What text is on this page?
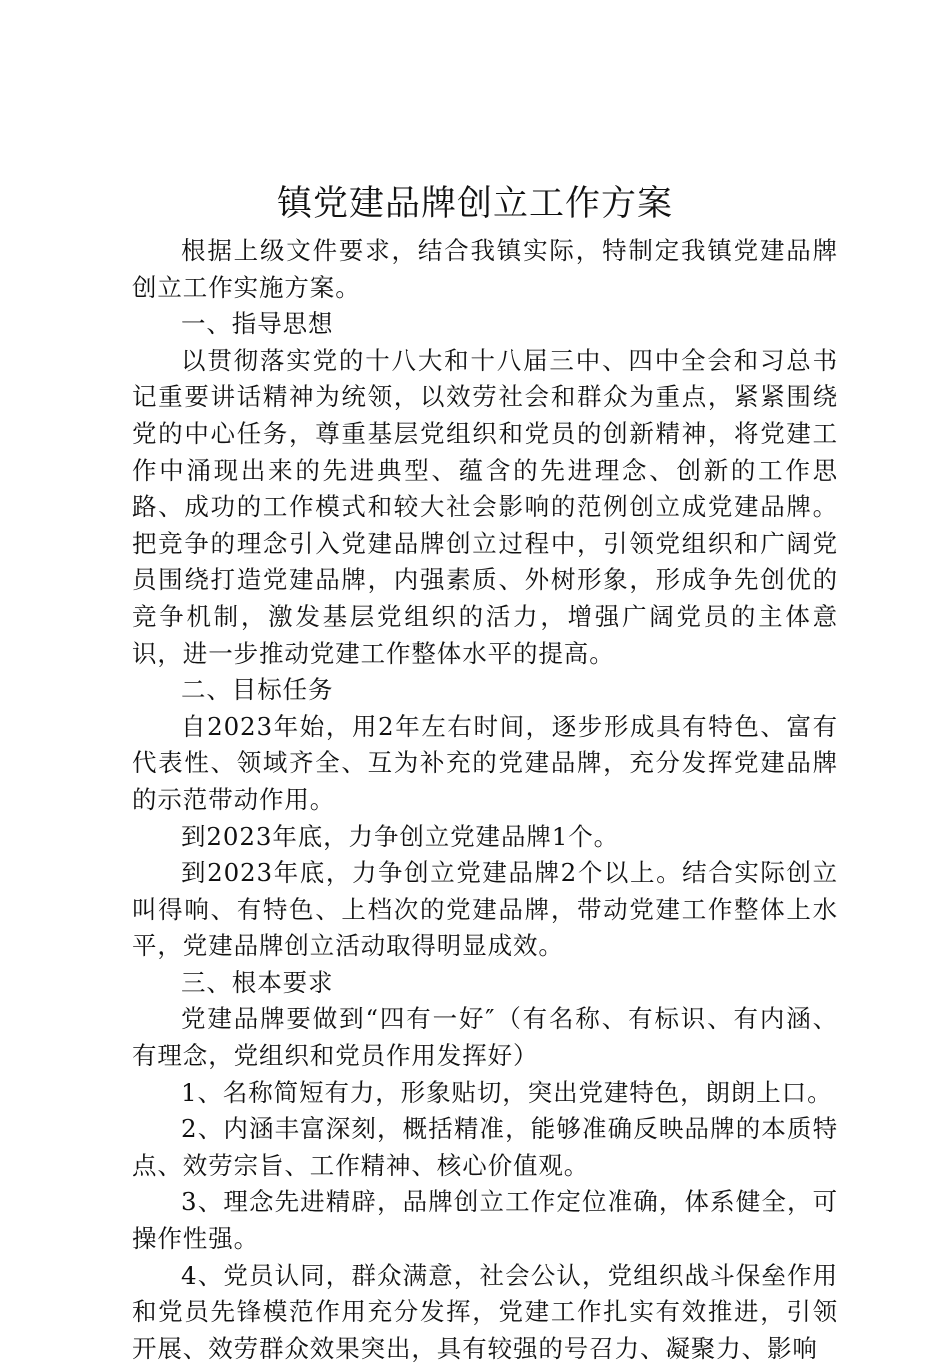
镇党建品牌创立工作方案

根据上级文件要求，结合我镇实际，特制定我镇党建品牌创立工作实施方案。

一、指导思想

以贯彻落实党的十八大和十八届三中、四中全会和习总书记重要讲话精神为统领，以效劳社会和群众为重点，紧紧围绕党的中心任务，尊重基层党组织和党员的创新精神，将党建工作中涌现出来的先进典型、蕴含的先进理念、创新的工作思路、成功的工作模式和较大社会影响的范例创立成党建品牌。把竞争的理念引入党建品牌创立过程中，引领党组织和广阔党员围绕打造党建品牌，内强素质、外树形象，形成争先创优的竞争机制，激发基层党组织的活力，增强广阔党员的主体意识，进一步推动党建工作整体水平的提高。

二、目标任务

自2023年始，用2年左右时间，逐步形成具有特色、富有代表性、领域齐全、互为补充的党建品牌，充分发挥党建品牌的示范带动作用。

到2023年底，力争创立党建品牌1个。

到2023年底，力争创立党建品牌2个以上。结合实际创立叫得响、有特色、上档次的党建品牌，带动党建工作整体上水平，党建品牌创立活动取得明显成效。

三、根本要求

党建品牌要做到“四有一好″（有名称、有标识、有内涵、有理念，党组织和党员作用发挥好）

1、名称简短有力，形象贴切，突出党建特色，朗朗上口。

2、内涵丰富深刻，概括精准，能够准确反映品牌的本质特点、效劳宗旨、工作精神、核心价值观。

3、理念先进精辟，品牌创立工作定位准确，体系健全，可操作性强。

4、党员认同，群众满意，社会公认，党组织战斗保垒作用和党员先锋模范作用充分发挥，党建工作扎实有效推进，引领开展、效劳群众效果突出，具有较强的号召力、凝聚力、影响
